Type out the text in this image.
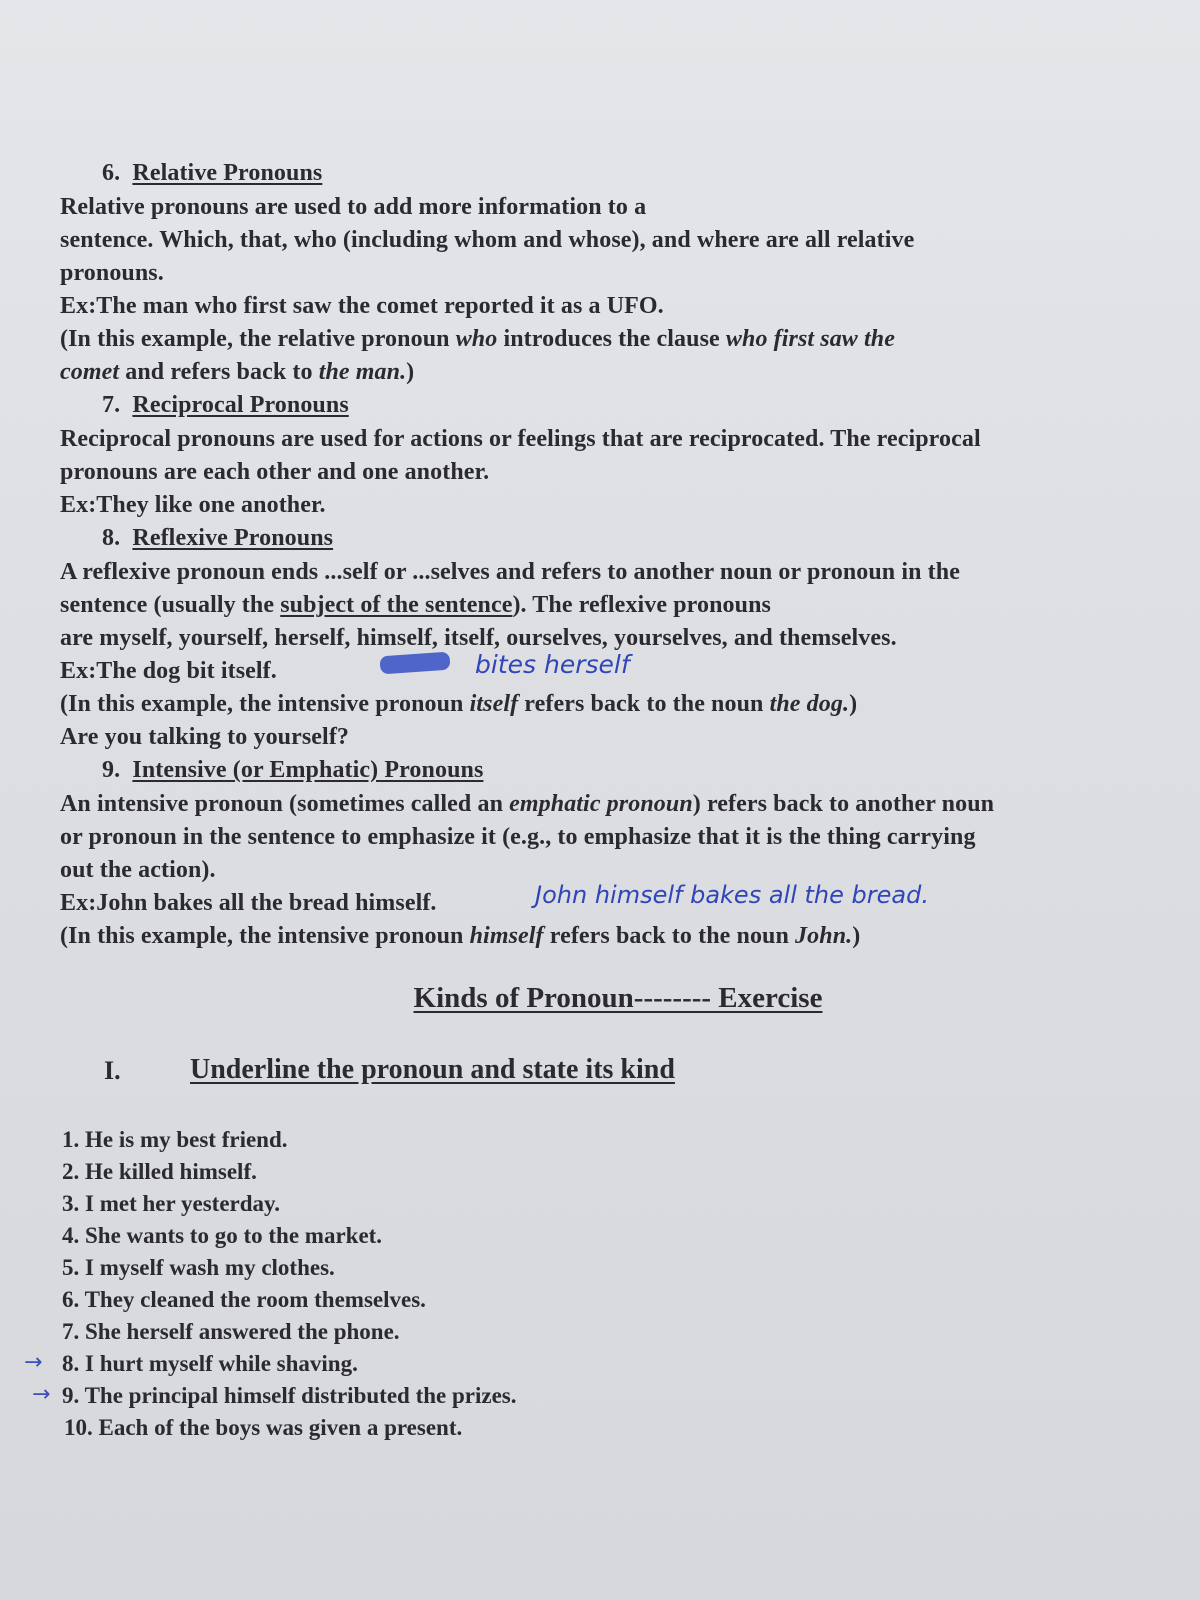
6. Relative Pronouns
Relative pronouns are used to add more information to a
sentence. Which, that, who (including whom and whose), and where are all relative
pronouns.
Ex:The man who first saw the comet reported it as a UFO.
(In this example, the relative pronoun who introduces the clause who first saw the
comet and refers back to the man.)
7. Reciprocal Pronouns
Reciprocal pronouns are used for actions or feelings that are reciprocated. The reciprocal
pronouns are each other and one another.
Ex:They like one another.
8. Reflexive Pronouns
A reflexive pronoun ends ...self or ...selves and refers to another noun or pronoun in the
sentence (usually the subject of the sentence). The reflexive pronouns
are myself, yourself, herself, himself, itself, ourselves, yourselves, and themselves.
Ex:The dog bit itself.	bites herself
(In this example, the intensive pronoun itself refers back to the noun the dog.)
Are you talking to yourself?
9. Intensive (or Emphatic) Pronouns
An intensive pronoun (sometimes called an emphatic pronoun) refers back to another noun
or pronoun in the sentence to emphasize it (e.g., to emphasize that it is the thing carrying
out the action).
Ex:John bakes all the bread himself.	John himself bakes all the bread.
(In this example, the intensive pronoun himself refers back to the noun John.)
Kinds of Pronoun-------- Exercise
I. Underline the pronoun and state its kind
1. He is my best friend.
2. He killed himself.
3. I met her yesterday.
4. She wants to go to the market.
5. I myself wash my clothes.
6. They cleaned the room themselves.
7. She herself answered the phone.
→ 8. I hurt myself while shaving.
→ 9. The principal himself distributed the prizes.
10. Each of the boys was given a present.
